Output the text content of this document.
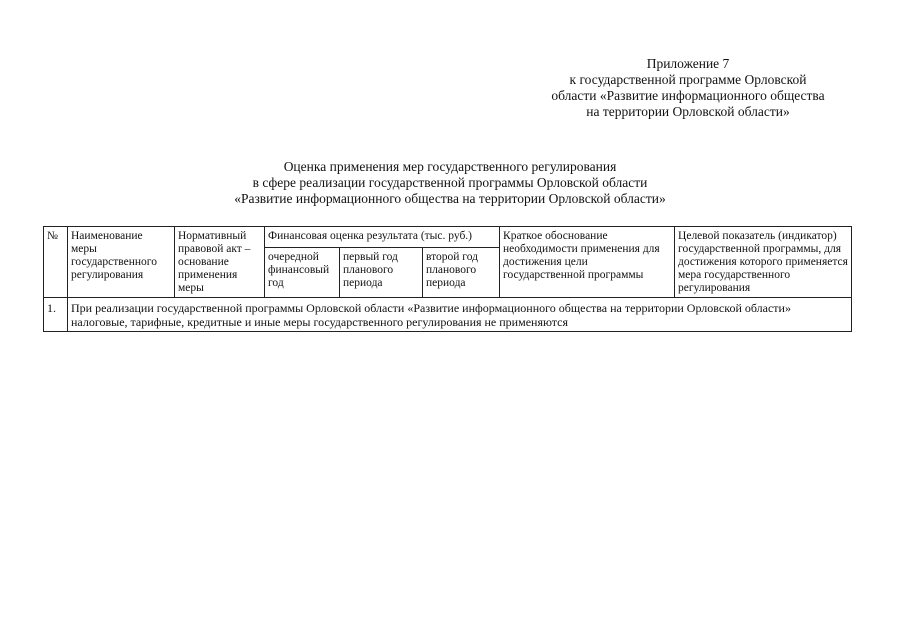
Приложение 7
к государственной программе Орловской
области «Развитие информационного общества
на территории Орловской области»
Оценка применения мер государственного регулирования
в сфере реализации государственной программы Орловской области
«Развитие информационного общества на территории Орловской области»
№	Наименование меры государственного регулирования	Нормативный правовой акт – основание применения меры	Финансовая оценка результата (тыс. руб.)			Краткое обоснование необходимости применения для достижения цели государственной программы	Целевой показатель (индикатор) государственной программы, для достижения которого применяется мера государственного регулирования
			очередной финансовый год	первый год планового периода	второй год планового периода		
1.	При реализации государственной программы Орловской области «Развитие информационного общества на территории Орловской области» налоговые, тарифные, кредитные и иные меры государственного регулирования не применяются						
